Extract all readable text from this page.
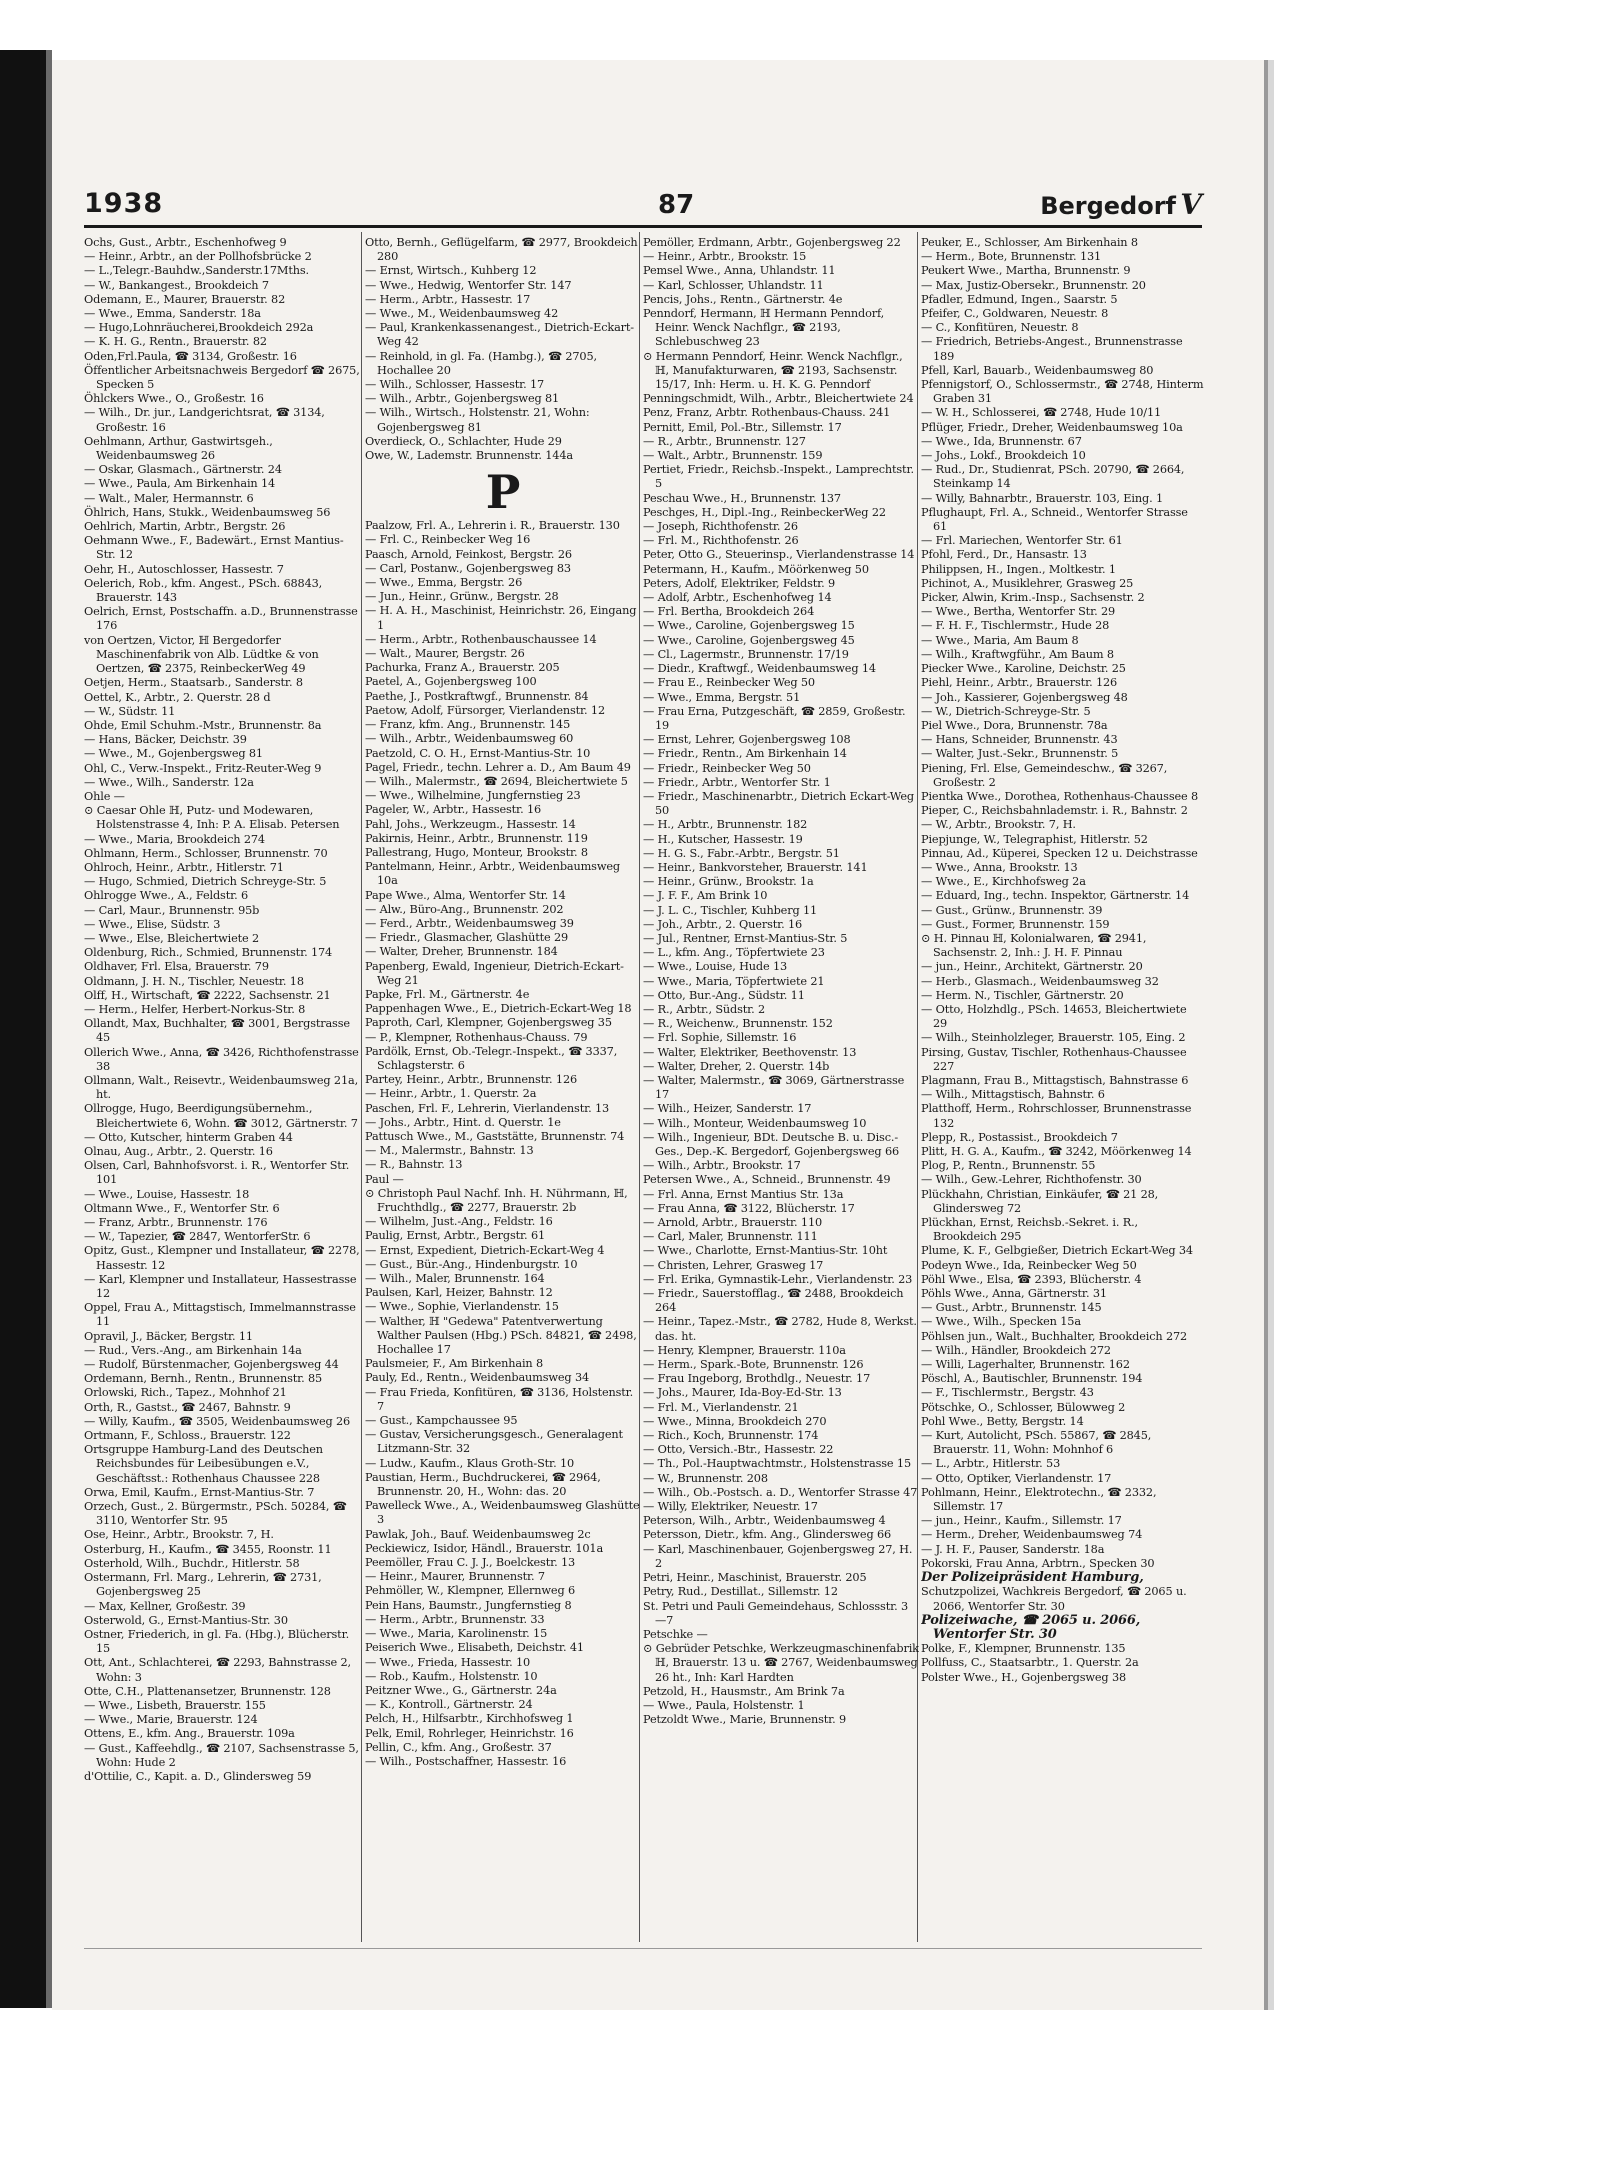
1938	87	Bergedorf V

Ochs, Gust., Arbtr., Eschenhofweg 9

— Heinr., Arbtr., an der Pollhofsbrücke 2

— L.,Telegr.-Bauhdw.,Sanderstr.17Mths.

— W., Bankangest., Brookdeich 7

Odemann, E., Maurer, Brauerstr. 82

— Wwe., Emma, Sanderstr. 18a

— Hugo,Lohnräucherei,Brookdeich 292a

— K. H. G., Rentn., Brauerstr. 82

Oden,Frl.Paula, ☎ 3134, Großestr. 16

Öffentlicher Arbeitsnachweis Bergedorf ☎ 2675, Specken 5

Öhlckers Wwe., O., Großestr. 16

— Wilh., Dr. jur., Landgerichtsrat, ☎ 3134, Großestr. 16

Oehlmann, Arthur, Gastwirtsgeh., Weidenbaumsweg 26

— Oskar, Glasmach., Gärtnerstr. 24

— Wwe., Paula, Am Birkenhain 14

— Walt., Maler, Hermannstr. 6

Öhlrich, Hans, Stukk., Weidenbaumsweg 56

Oehlrich, Martin, Arbtr., Bergstr. 26

Oehmann Wwe., F., Badewärt., Ernst Mantius-Str. 12

Oehr, H., Autoschlosser, Hassestr. 7

Oelerich, Rob., kfm. Angest., PSch. 68843, Brauerstr. 143

Oelrich, Ernst, Postschaffn. a.D., Brunnenstrasse 176

von Oertzen, Victor, ℍ Bergedorfer Maschinenfabrik von Alb. Lüdtke & von Oertzen, ☎ 2375, ReinbeckerWeg 49

Oetjen, Herm., Staatsarb., Sanderstr. 8

Oettel, K., Arbtr., 2. Querstr. 28 d

— W., Südstr. 11

Ohde, Emil Schuhm.-Mstr., Brunnenstr. 8a

— Hans, Bäcker, Deichstr. 39

— Wwe., M., Gojenbergsweg 81

Ohl, C., Verw.-Inspekt., Fritz-Reuter-Weg 9

— Wwe., Wilh., Sanderstr. 12a

Ohle —

⊙ Caesar Ohle ℍ, Putz- und Modewaren, Holstenstrasse 4, Inh: P. A. Elisab. Petersen

— Wwe., Maria, Brookdeich 274

Ohlmann, Herm., Schlosser, Brunnenstr. 70

Ohlroch, Heinr., Arbtr., Hitlerstr. 71

— Hugo, Schmied, Dietrich Schreyge-Str. 5

Ohlrogge Wwe., A., Feldstr. 6

— Carl, Maur., Brunnenstr. 95b

— Wwe., Elise, Südstr. 3

— Wwe., Else, Bleichertwiete 2

Oldenburg, Rich., Schmied, Brunnenstr. 174

Oldhaver, Frl. Elsa, Brauerstr. 79

Oldmann, J. H. N., Tischler, Neuestr. 18

Olff, H., Wirtschaft, ☎ 2222, Sachsenstr. 21

— Herm., Helfer, Herbert-Norkus-Str. 8

Ollandt, Max, Buchhalter, ☎ 3001, Bergstrasse 45

Ollerich Wwe., Anna, ☎ 3426, Richthofenstrasse 38

Ollmann, Walt., Reisevtr., Weidenbaumsweg 21a, ht.

Ollrogge, Hugo, Beerdigungsübernehm., Bleichertwiete 6, Wohn. ☎ 3012, Gärtnerstr. 7

— Otto, Kutscher, hinterm Graben 44

Olnau, Aug., Arbtr., 2. Querstr. 16

Olsen, Carl, Bahnhofsvorst. i. R., Wentorfer Str. 101

— Wwe., Louise, Hassestr. 18

Oltmann Wwe., F., Wentorfer Str. 6

— Franz, Arbtr., Brunnenstr. 176

— W., Tapezier, ☎ 2847, WentorferStr. 6

Opitz, Gust., Klempner und Installateur, ☎ 2278, Hassestr. 12

— Karl, Klempner und Installateur, Hassestrasse 12

Oppel, Frau A., Mittagstisch, Immelmannstrasse 11

Opravil, J., Bäcker, Bergstr. 11

— Rud., Vers.-Ang., am Birkenhain 14a

— Rudolf, Bürstenmacher, Gojenbergsweg 44

Ordemann, Bernh., Rentn., Brunnenstr. 85

Orlowski, Rich., Tapez., Mohnhof 21

Orth, R., Gastst., ☎ 2467, Bahnstr. 9

— Willy, Kaufm., ☎ 3505, Weidenbaumsweg 26

Ortmann, F., Schloss., Brauerstr. 122

Ortsgruppe Hamburg-Land des Deutschen Reichsbundes für Leibesübungen e.V., Geschäftsst.: Rothenhaus Chaussee 228

Orwa, Emil, Kaufm., Ernst-Mantius-Str. 7

Orzech, Gust., 2. Bürgermstr., PSch. 50284, ☎ 3110, Wentorfer Str. 95

Ose, Heinr., Arbtr., Brookstr. 7, H.

Osterburg, H., Kaufm., ☎ 3455, Roonstr. 11

Osterhold, Wilh., Buchdr., Hitlerstr. 58

Ostermann, Frl. Marg., Lehrerin, ☎ 2731, Gojenbergsweg 25

— Max, Kellner, Großestr. 39

Osterwold, G., Ernst-Mantius-Str. 30

Ostner, Friederich, in gl. Fa. (Hbg.), Blücherstr. 15

Ott, Ant., Schlachterei, ☎ 2293, Bahnstrasse 2, Wohn: 3

Otte, C.H., Plattenansetzer, Brunnenstr. 128

— Wwe., Lisbeth, Brauerstr. 155

— Wwe., Marie, Brauerstr. 124

Ottens, E., kfm. Ang., Brauerstr. 109a

— Gust., Kaffeehdlg., ☎ 2107, Sachsenstrasse 5, Wohn: Hude 2

d'Ottilie, C., Kapit. a. D., Glindersweg 59

Otto, Bernh., Geflügelfarm, ☎ 2977, Brookdeich 280

— Ernst, Wirtsch., Kuhberg 12

— Wwe., Hedwig, Wentorfer Str. 147

— Herm., Arbtr., Hassestr. 17

— Wwe., M., Weidenbaumsweg 42

— Paul, Krankenkassenangest., Dietrich-Eckart-Weg 42

— Reinhold, in gl. Fa. (Hambg.), ☎ 2705, Hochallee 20

— Wilh., Schlosser, Hassestr. 17

— Wilh., Arbtr., Gojenbergsweg 81

— Wilh., Wirtsch., Holstenstr. 21, Wohn: Gojenbergsweg 81

Overdieck, O., Schlachter, Hude 29

Owe, W., Lademstr. Brunnenstr. 144a

P

Paalzow, Frl. A., Lehrerin i. R., Brauerstr. 130

— Frl. C., Reinbecker Weg 16

Paasch, Arnold, Feinkost, Bergstr. 26

— Carl, Postanw., Gojenbergsweg 83

— Wwe., Emma, Bergstr. 26

— Jun., Heinr., Grünw., Bergstr. 28

— H. A. H., Maschinist, Heinrichstr. 26, Eingang 1

— Herm., Arbtr., Rothenbauschaussee 14

— Walt., Maurer, Bergstr. 26

Pachurka, Franz A., Brauerstr. 205

Paetel, A., Gojenbergsweg 100

Paethe, J., Postkraftwgf., Brunnenstr. 84

Paetow, Adolf, Fürsorger, Vierlandenstr. 12

— Franz, kfm. Ang., Brunnenstr. 145

— Wilh., Arbtr., Weidenbaumsweg 60

Paetzold, C. O. H., Ernst-Mantius-Str. 10

Pagel, Friedr., techn. Lehrer a. D., Am Baum 49

— Wilh., Malermstr., ☎ 2694, Bleichertwiete 5

— Wwe., Wilhelmine, Jungfernstieg 23

Pageler, W., Arbtr., Hassestr. 16

Pahl, Johs., Werkzeugm., Hassestr. 14

Pakirnis, Heinr., Arbtr., Brunnenstr. 119

Pallestrang, Hugo, Monteur, Brookstr. 8

Pantelmann, Heinr., Arbtr., Weidenbaumsweg 10a

Pape Wwe., Alma, Wentorfer Str. 14

— Alw., Büro-Ang., Brunnenstr. 202

— Ferd., Arbtr., Weidenbaumsweg 39

— Friedr., Glasmacher, Glashütte 29

— Walter, Dreher, Brunnenstr. 184

Papenberg, Ewald, Ingenieur, Dietrich-Eckart-Weg 21

Papke, Frl. M., Gärtnerstr. 4e

Pappenhagen Wwe., E., Dietrich-Eckart-Weg 18

Paproth, Carl, Klempner, Gojenbergsweg 35

— P., Klempner, Rothenhaus-Chauss. 79

Pardölk, Ernst, Ob.-Telegr.-Inspekt., ☎ 3337, Schlagsterstr. 6

Partey, Heinr., Arbtr., Brunnenstr. 126

— Heinr., Arbtr., 1. Querstr. 2a

Paschen, Frl. F., Lehrerin, Vierlandenstr. 13

— Johs., Arbtr., Hint. d. Querstr. 1e

Pattusch Wwe., M., Gaststätte, Brunnenstr. 74

— M., Malermstr., Bahnstr. 13

— R., Bahnstr. 13

Paul —

⊙ Christoph Paul Nachf. Inh. H. Nührmann, ℍ, Fruchthdlg., ☎ 2277, Brauerstr. 2b

— Wilhelm, Just.-Ang., Feldstr. 16

Paulig, Ernst, Arbtr., Bergstr. 61

— Ernst, Expedient, Dietrich-Eckart-Weg 4

— Gust., Bür.-Ang., Hindenburgstr. 10

— Wilh., Maler, Brunnenstr. 164

Paulsen, Karl, Heizer, Bahnstr. 12

— Wwe., Sophie, Vierlandenstr. 15

— Walther, ℍ "Gedewa" Patentverwertung Walther Paulsen (Hbg.) PSch. 84821, ☎ 2498, Hochallee 17

Paulsmeier, F., Am Birkenhain 8

Pauly, Ed., Rentn., Weidenbaumsweg 34

— Frau Frieda, Konfitüren, ☎ 3136, Holstenstr. 7

— Gust., Kampchaussee 95

— Gustav, Versicherungsgesch., Generalagent Litzmann-Str. 32

— Ludw., Kaufm., Klaus Groth-Str. 10

Paustian, Herm., Buchdruckerei, ☎ 2964, Brunnenstr. 20, H., Wohn: das. 20

Pawelleck Wwe., A., Weidenbaumsweg Glashütte 3

Pawlak, Joh., Bauf. Weidenbaumsweg 2c

Peckiewicz, Isidor, Händl., Brauerstr. 101a

Peemöller, Frau C. J. J., Boelckestr. 13

— Heinr., Maurer, Brunnenstr. 7

Pehmöller, W., Klempner, Ellernweg 6

Pein Hans, Baumstr., Jungfernstieg 8

— Herm., Arbtr., Brunnenstr. 33

— Wwe., Maria, Karolinenstr. 15

Peiserich Wwe., Elisabeth, Deichstr. 41

— Wwe., Frieda, Hassestr. 10

— Rob., Kaufm., Holstenstr. 10

Peitzner Wwe., G., Gärtnerstr. 24a

— K., Kontroll., Gärtnerstr. 24

Pelch, H., Hilfsarbtr., Kirchhofsweg 1

Pelk, Emil, Rohrleger, Heinrichstr. 16

Pellin, C., kfm. Ang., Großestr. 37

— Wilh., Postschaffner, Hassestr. 16

Pemöller, Erdmann, Arbtr., Gojenbergsweg 22

— Heinr., Arbtr., Brookstr. 15

Pemsel Wwe., Anna, Uhlandstr. 11

— Karl, Schlosser, Uhlandstr. 11

Pencis, Johs., Rentn., Gärtnerstr. 4e

Penndorf, Hermann, ℍ Hermann Penndorf, Heinr. Wenck Nachflgr., ☎ 2193, Schlebuschweg 23

⊙ Hermann Penndorf, Heinr. Wenck Nachflgr., ℍ, Manufakturwaren, ☎ 2193, Sachsenstr. 15/17, Inh: Herm. u. H. K. G. Penndorf

Penningschmidt, Wilh., Arbtr., Bleichertwiete 24

Penz, Franz, Arbtr. Rothenbaus-Chauss. 241

Pernitt, Emil, Pol.-Btr., Sillemstr. 17

— R., Arbtr., Brunnenstr. 127

— Walt., Arbtr., Brunnenstr. 159

Pertiet, Friedr., Reichsb.-Inspekt., Lamprechtstr. 5

Peschau Wwe., H., Brunnenstr. 137

Peschges, H., Dipl.-Ing., ReinbeckerWeg 22

— Joseph, Richthofenstr. 26

— Frl. M., Richthofenstr. 26

Peter, Otto G., Steuerinsp., Vierlandenstrasse 14

Petermann, H., Kaufm., Möörkenweg 50

Peters, Adolf, Elektriker, Feldstr. 9

— Adolf, Arbtr., Eschenhofweg 14

— Frl. Bertha, Brookdeich 264

— Wwe., Caroline, Gojenbergsweg 15

— Wwe., Caroline, Gojenbergsweg 45

— Cl., Lagermstr., Brunnenstr. 17/19

— Diedr., Kraftwgf., Weidenbaumsweg 14

— Frau E., Reinbecker Weg 50

— Wwe., Emma, Bergstr. 51

— Frau Erna, Putzgeschäft, ☎ 2859, Großestr. 19

— Ernst, Lehrer, Gojenbergsweg 108

— Friedr., Rentn., Am Birkenhain 14

— Friedr., Reinbecker Weg 50

— Friedr., Arbtr., Wentorfer Str. 1

— Friedr., Maschinenarbtr., Dietrich Eckart-Weg 50

— H., Arbtr., Brunnenstr. 182

— H., Kutscher, Hassestr. 19

— H. G. S., Fabr.-Arbtr., Bergstr. 51

— Heinr., Bankvorsteher, Brauerstr. 141

— Heinr., Grünw., Brookstr. 1a

— J. F. F., Am Brink 10

— J. L. C., Tischler, Kuhberg 11

— Joh., Arbtr., 2. Querstr. 16

— Jul., Rentner, Ernst-Mantius-Str. 5

— L., kfm. Ang., Töpfertwiete 23

— Wwe., Louise, Hude 13

— Wwe., Maria, Töpfertwiete 21

— Otto, Bur.-Ang., Südstr. 11

— R., Arbtr., Südstr. 2

— R., Weichenw., Brunnenstr. 152

— Frl. Sophie, Sillemstr. 16

— Walter, Elektriker, Beethovenstr. 13

— Walter, Dreher, 2. Querstr. 14b

— Walter, Malermstr., ☎ 3069, Gärtnerstrasse 17

— Wilh., Heizer, Sanderstr. 17

— Wilh., Monteur, Weidenbaumsweg 10

— Wilh., Ingenieur, BDt. Deutsche B. u. Disc.-Ges., Dep.-K. Bergedorf, Gojenbergsweg 66

— Wilh., Arbtr., Brookstr. 17

Petersen Wwe., A., Schneid., Brunnenstr. 49

— Frl. Anna, Ernst Mantius Str. 13a

— Frau Anna, ☎ 3122, Blücherstr. 17

— Arnold, Arbtr., Brauerstr. 110

— Carl, Maler, Brunnenstr. 111

— Wwe., Charlotte, Ernst-Mantius-Str. 10ht

— Christen, Lehrer, Grasweg 17

— Frl. Erika, Gymnastik-Lehr., Vierlandenstr. 23

— Friedr., Sauerstofflag., ☎ 2488, Brookdeich 264

— Heinr., Tapez.-Mstr., ☎ 2782, Hude 8, Werkst. das. ht.

— Henry, Klempner, Brauerstr. 110a

— Herm., Spark.-Bote, Brunnenstr. 126

— Frau Ingeborg, Brothdlg., Neuestr. 17

— Johs., Maurer, Ida-Boy-Ed-Str. 13

— Frl. M., Vierlandenstr. 21

— Wwe., Minna, Brookdeich 270

— Rich., Koch, Brunnenstr. 174

— Otto, Versich.-Btr., Hassestr. 22

— Th., Pol.-Hauptwachtmstr., Holstenstrasse 15

— W., Brunnenstr. 208

— Wilh., Ob.-Postsch. a. D., Wentorfer Strasse 47

— Willy, Elektriker, Neuestr. 17

Peterson, Wilh., Arbtr., Weidenbaumsweg 4

Petersson, Dietr., kfm. Ang., Glindersweg 66

— Karl, Maschinenbauer, Gojenbergsweg 27, H. 2

Petri, Heinr., Maschinist, Brauerstr. 205

Petry, Rud., Destillat., Sillemstr. 12

St. Petri und Pauli Gemeindehaus, Schlossstr. 3—7

Petschke —

⊙ Gebrüder Petschke, Werkzeugmaschinenfabrik ℍ, Brauerstr. 13 u. ☎ 2767, Weidenbaumsweg 26 ht., Inh: Karl Hardten

Petzold, H., Hausmstr., Am Brink 7a

— Wwe., Paula, Holstenstr. 1

Petzoldt Wwe., Marie, Brunnenstr. 9

Peuker, E., Schlosser, Am Birkenhain 8

— Herm., Bote, Brunnenstr. 131

Peukert Wwe., Martha, Brunnenstr. 9

— Max, Justiz-Obersekr., Brunnenstr. 20

Pfadler, Edmund, Ingen., Saarstr. 5

Pfeifer, C., Goldwaren, Neuestr. 8

— C., Konfitüren, Neuestr. 8

— Friedrich, Betriebs-Angest., Brunnenstrasse 189

Pfell, Karl, Bauarb., Weidenbaumsweg 80

Pfennigstorf, O., Schlossermstr., ☎ 2748, Hinterm Graben 31

— W. H., Schlosserei, ☎ 2748, Hude 10/11

Pflüger, Friedr., Dreher, Weidenbaumsweg 10a

— Wwe., Ida, Brunnenstr. 67

— Johs., Lokf., Brookdeich 10

— Rud., Dr., Studienrat, PSch. 20790, ☎ 2664, Steinkamp 14

— Willy, Bahnarbtr., Brauerstr. 103, Eing. 1

Pflughaupt, Frl. A., Schneid., Wentorfer Strasse 61

— Frl. Mariechen, Wentorfer Str. 61

Pfohl, Ferd., Dr., Hansastr. 13

Philippsen, H., Ingen., Moltkestr. 1

Pichinot, A., Musiklehrer, Grasweg 25

Picker, Alwin, Krim.-Insp., Sachsenstr. 2

— Wwe., Bertha, Wentorfer Str. 29

— F. H. F., Tischlermstr., Hude 28

— Wwe., Maria, Am Baum 8

— Wilh., Kraftwgführ., Am Baum 8

Piecker Wwe., Karoline, Deichstr. 25

Piehl, Heinr., Arbtr., Brauerstr. 126

— Joh., Kassierer, Gojenbergsweg 48

— W., Dietrich-Schreyge-Str. 5

Piel Wwe., Dora, Brunnenstr. 78a

— Hans, Schneider, Brunnenstr. 43

— Walter, Just.-Sekr., Brunnenstr. 5

Piening, Frl. Else, Gemeindeschw., ☎ 3267, Großestr. 2

Pientka Wwe., Dorothea, Rothenhaus-Chaussee 8

Pieper, C., Reichsbahnlademstr. i. R., Bahnstr. 2

— W., Arbtr., Brookstr. 7, H.

Piepjunge, W., Telegraphist, Hitlerstr. 52

Pinnau, Ad., Küperei, Specken 12 u. Deichstrasse

— Wwe., Anna, Brookstr. 13

— Wwe., E., Kirchhofsweg 2a

— Eduard, Ing., techn. Inspektor, Gärtnerstr. 14

— Gust., Grünw., Brunnenstr. 39

— Gust., Former, Brunnenstr. 159

⊙ H. Pinnau ℍ, Kolonialwaren, ☎ 2941, Sachsenstr. 2, Inh.: J. H. F. Pinnau

— jun., Heinr., Architekt, Gärtnerstr. 20

— Herb., Glasmach., Weidenbaumsweg 32

— Herm. N., Tischler, Gärtnerstr. 20

— Otto, Holzhdlg., PSch. 14653, Bleichertwiete 29

— Wilh., Steinholzleger, Brauerstr. 105, Eing. 2

Pirsing, Gustav, Tischler, Rothenhaus-Chaussee 227

Plagmann, Frau B., Mittagstisch, Bahnstrasse 6

— Wilh., Mittagstisch, Bahnstr. 6

Platthoff, Herm., Rohrschlosser, Brunnenstrasse 132

Plepp, R., Postassist., Brookdeich 7

Plitt, H. G. A., Kaufm., ☎ 3242, Möörkenweg 14

Plog, P., Rentn., Brunnenstr. 55

— Wilh., Gew.-Lehrer, Richthofenstr. 30

Plückhahn, Christian, Einkäufer, ☎ 21 28, Glindersweg 72

Plückhan, Ernst, Reichsb.-Sekret. i. R., Brookdeich 295

Plume, K. F., Gelbgießer, Dietrich Eckart-Weg 34

Podeyn Wwe., Ida, Reinbecker Weg 50

Pöhl Wwe., Elsa, ☎ 2393, Blücherstr. 4

Pöhls Wwe., Anna, Gärtnerstr. 31

— Gust., Arbtr., Brunnenstr. 145

— Wwe., Wilh., Specken 15a

Pöhlsen jun., Walt., Buchhalter, Brookdeich 272

— Wilh., Händler, Brookdeich 272

— Willi, Lagerhalter, Brunnenstr. 162

Pöschl, A., Bautischler, Brunnenstr. 194

— F., Tischlermstr., Bergstr. 43

Pötschke, O., Schlosser, Bülowweg 2

Pohl Wwe., Betty, Bergstr. 14

— Kurt, Autolicht, PSch. 55867, ☎ 2845, Brauerstr. 11, Wohn: Mohnhof 6

— L., Arbtr., Hitlerstr. 53

— Otto, Optiker, Vierlandenstr. 17

Pohlmann, Heinr., Elektrotechn., ☎ 2332, Sillemstr. 17

— jun., Heinr., Kaufm., Sillemstr. 17

— Herm., Dreher, Weidenbaumsweg 74

— J. H. F., Pauser, Sanderstr. 18a

Pokorski, Frau Anna, Arbtrn., Specken 30

Der Polizeipräsident Hamburg,

Schutzpolizei, Wachkreis Bergedorf, ☎ 2065 u. 2066, Wentorfer Str. 30

Polizeiwache, ☎ 2065 u. 2066, Wentorfer Str. 30

Polke, F., Klempner, Brunnenstr. 135

Pollfuss, C., Staatsarbtr., 1. Querstr. 2a

Polster Wwe., H., Gojenbergsweg 38
